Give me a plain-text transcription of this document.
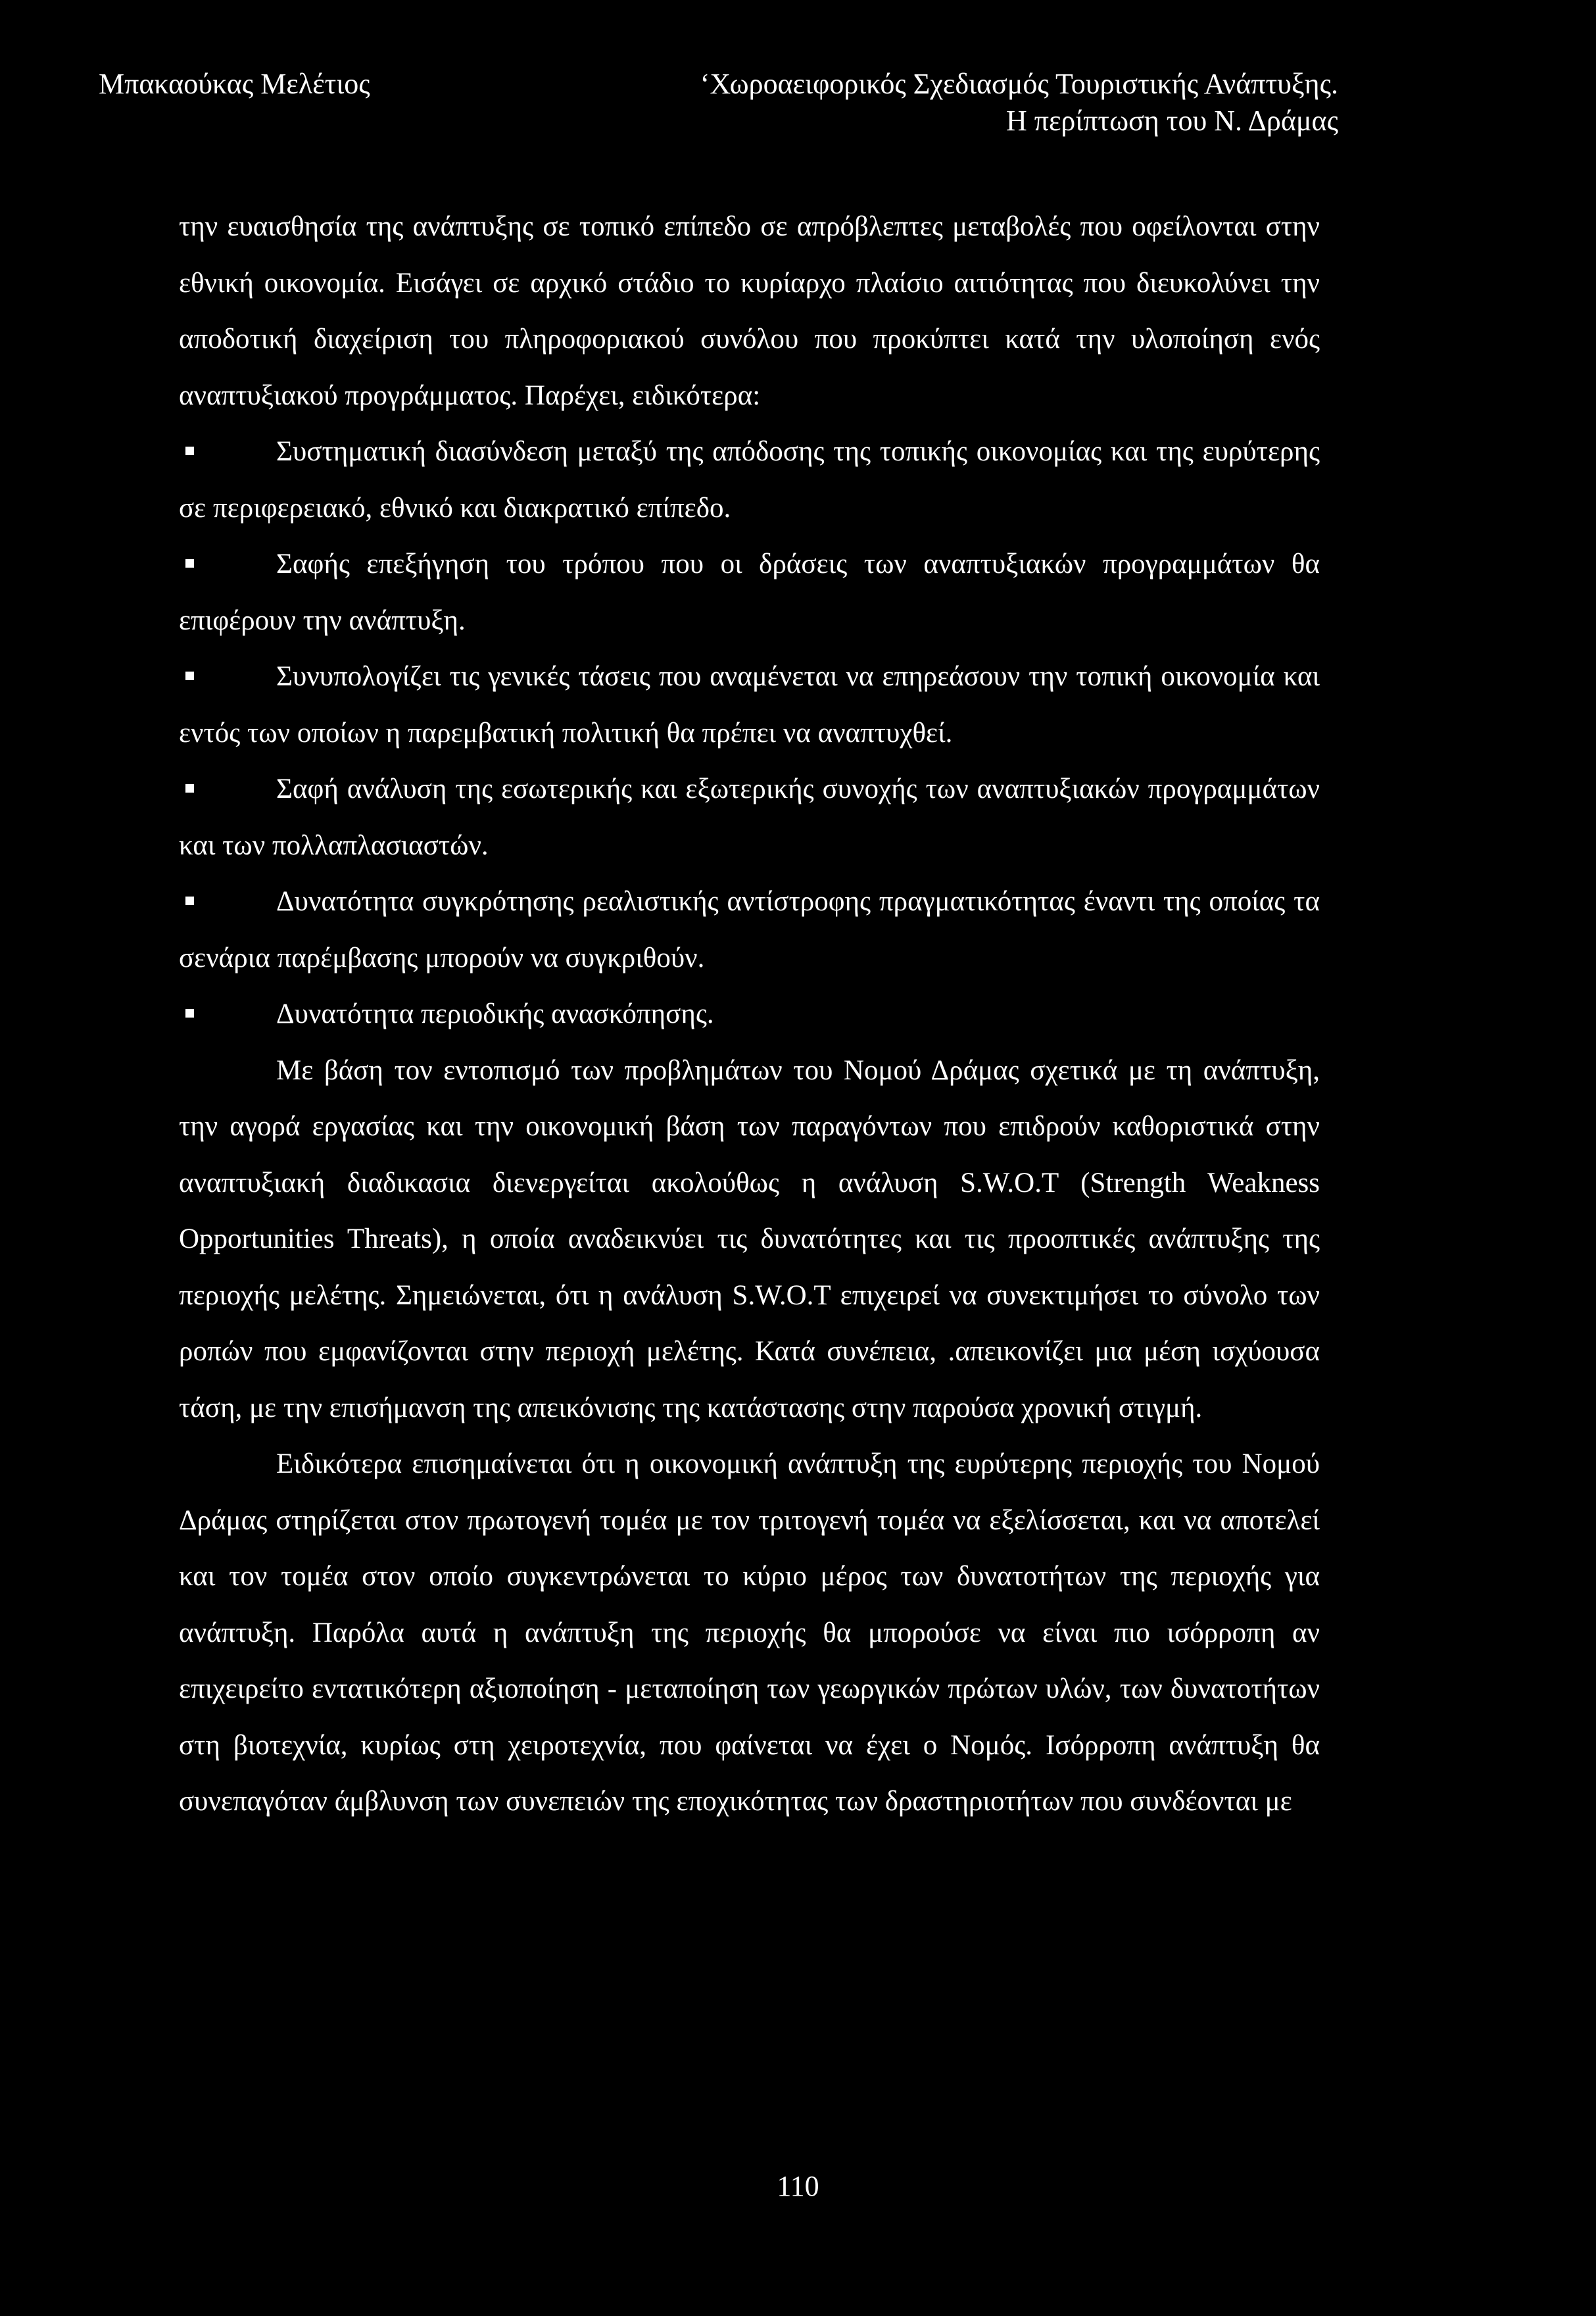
Μπακαούκας Μελέτιος	‘Χωροαειφορικός Σχεδιασμός Τουριστικής Ανάπτυξης.
Η περίπτωση του Ν. Δράμας

την ευαισθησία της ανάπτυξης σε τοπικό επίπεδο σε απρόβλεπτες μεταβολές που οφείλονται στην εθνική οικονομία. Εισάγει σε αρχικό στάδιο το κυρίαρχο πλαίσιο αιτιότητας που διευκολύνει την αποδοτική διαχείριση του πληροφοριακού συνόλου που προκύπτει κατά την υλοποίηση ενός αναπτυξιακού προγράμματος. Παρέχει, ειδικότερα:

Συστηματική διασύνδεση μεταξύ της απόδοσης της τοπικής οικονομίας και της ευρύτερης σε περιφερειακό, εθνικό και διακρατικό επίπεδο.

Σαφής επεξήγηση του τρόπου που οι δράσεις των αναπτυξιακών προγραμμάτων θα επιφέρουν την ανάπτυξη.

Συνυπολογίζει τις γενικές τάσεις που αναμένεται να επηρεάσουν την τοπική οικονομία και εντός των οποίων η παρεμβατική πολιτική θα πρέπει να αναπτυχθεί.

Σαφή ανάλυση της εσωτερικής και εξωτερικής συνοχής των αναπτυξιακών προγραμμάτων και των πολλαπλασιαστών.

Δυνατότητα συγκρότησης ρεαλιστικής αντίστροφης πραγματικότητας έναντι της οποίας τα σενάρια παρέμβασης μπορούν να συγκριθούν.

Δυνατότητα περιοδικής ανασκόπησης.

Με βάση τον εντοπισμό των προβλημάτων του Νομού Δράμας σχετικά με τη ανάπτυξη, την αγορά εργασίας και την οικονομική βάση των παραγόντων που επιδρούν καθοριστικά στην αναπτυξιακή διαδικασια διενεργείται ακολούθως η ανάλυση S.W.O.T (Strength Weakness Opportunities Threats), η οποία αναδεικνύει τις δυνατότητες και τις προοπτικές ανάπτυξης της περιοχής μελέτης. Σημειώνεται, ότι η ανάλυση S.W.O.T επιχειρεί να συνεκτιμήσει το σύνολο των ροπών που εμφανίζονται στην περιοχή μελέτης. Κατά συνέπεια, .απεικονίζει μια μέση ισχύουσα τάση, με την επισήμανση της απεικόνισης της κατάστασης στην παρούσα χρονική στιγμή.

Ειδικότερα επισημαίνεται ότι η οικονομική ανάπτυξη της ευρύτερης περιοχής του Νομού Δράμας στηρίζεται στον πρωτογενή τομέα με τον τριτογενή τομέα να εξελίσσεται, και να αποτελεί και τον τομέα στον οποίο συγκεντρώνεται το κύριο μέρος των δυνατοτήτων της περιοχής για ανάπτυξη. Παρόλα αυτά η ανάπτυξη της περιοχής θα μπορούσε να είναι πιο ισόρροπη αν επιχειρείτο εντατικότερη αξιοποίηση - μεταποίηση των γεωργικών πρώτων υλών, των δυνατοτήτων στη βιοτεχνία, κυρίως στη χειροτεχνία, που φαίνεται να έχει ο Νομός. Ισόρροπη ανάπτυξη θα συνεπαγόταν άμβλυνση των συνεπειών της εποχικότητας των δραστηριοτήτων που συνδέονται με

110
